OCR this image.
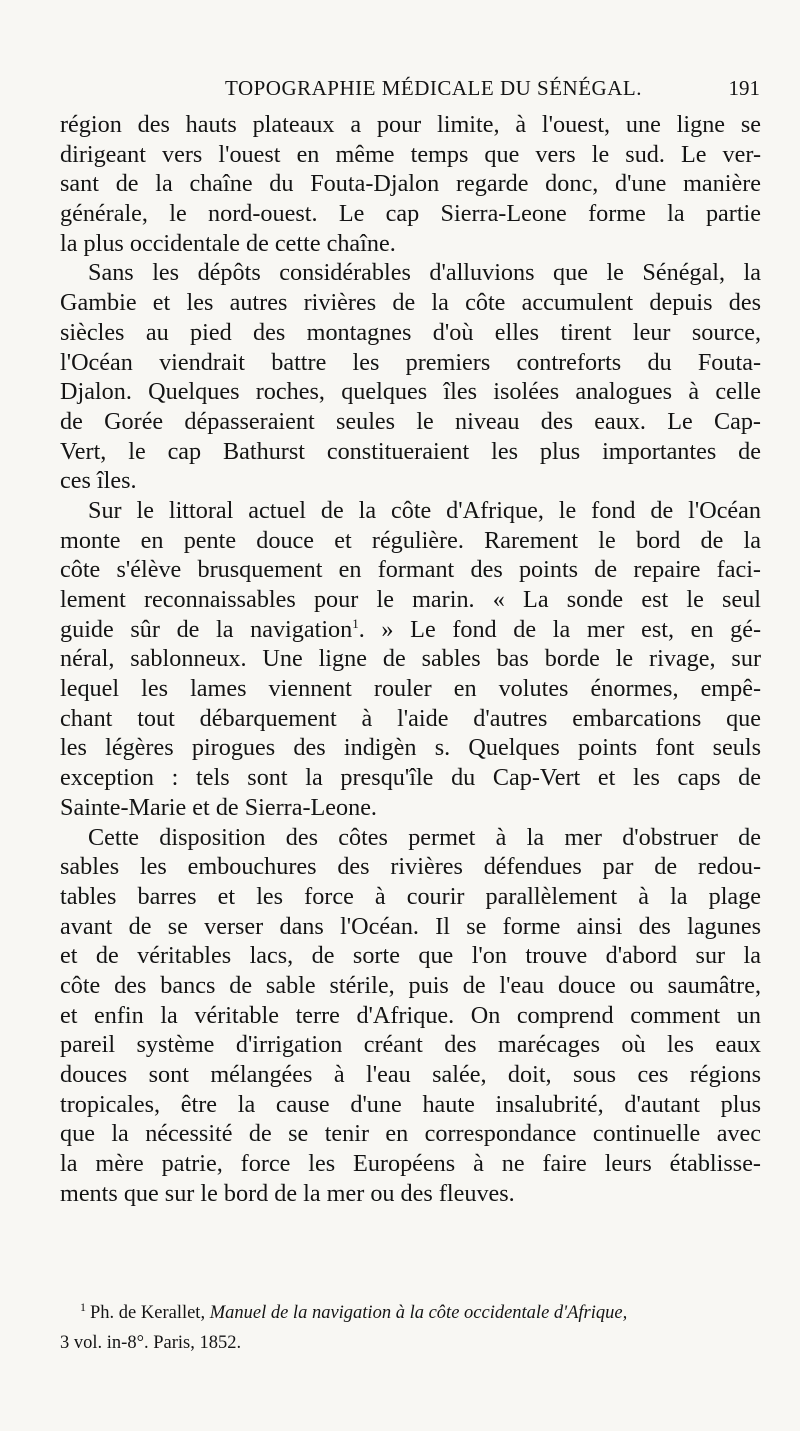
TOPOGRAPHIE MÉDICALE DU SÉNÉGAL.	191

région des hauts plateaux a pour limite, à l'ouest, une ligne se
dirigeant vers l'ouest en même temps que vers le sud. Le ver-
sant de la chaîne du Fouta-Djalon regarde donc, d'une manière
générale, le nord-ouest. Le cap Sierra-Leone forme la partie
la plus occidentale de cette chaîne.

Sans les dépôts considérables d'alluvions que le Sénégal, la
Gambie et les autres rivières de la côte accumulent depuis des
siècles au pied des montagnes d'où elles tirent leur source,
l'Océan viendrait battre les premiers contreforts du Fouta-
Djalon. Quelques roches, quelques îles isolées analogues à celle
de Gorée dépasseraient seules le niveau des eaux. Le Cap-
Vert, le cap Bathurst constitueraient les plus importantes de
ces îles.

Sur le littoral actuel de la côte d'Afrique, le fond de l'Océan
monte en pente douce et régulière. Rarement le bord de la
côte s'élève brusquement en formant des points de repaire faci-
lement reconnaissables pour le marin. « La sonde est le seul
guide sûr de la navigation$^1$. » Le fond de la mer est, en gé-
néral, sablonneux. Une ligne de sables bas borde le rivage, sur
lequel les lames viennent rouler en volutes énormes, empê-
chant tout débarquement à l'aide d'autres embarcations que
les légères pirogues des indigèn s. Quelques points font seuls
exception : tels sont la presqu'île du Cap-Vert et les caps de
Sainte-Marie et de Sierra-Leone.

Cette disposition des côtes permet à la mer d'obstruer de
sables les embouchures des rivières défendues par de redou-
tables barres et les force à courir parallèlement à la plage
avant de se verser dans l'Océan. Il se forme ainsi des lagunes
et de véritables lacs, de sorte que l'on trouve d'abord sur la
côte des bancs de sable stérile, puis de l'eau douce ou saumâtre,
et enfin la véritable terre d'Afrique. On comprend comment un
pareil système d'irrigation créant des marécages où les eaux
douces sont mélangées à l'eau salée, doit, sous ces régions
tropicales, être la cause d'une haute insalubrité, d'autant plus
que la nécessité de se tenir en correspondance continuelle avec
la mère patrie, force les Européens à ne faire leurs établisse-
ments que sur le bord de la mer ou des fleuves.

$^1$ Ph. de Kerallet, Manuel de la navigation à la côte occidentale d'Afrique,
3 vol. in-8°. Paris, 1852.
